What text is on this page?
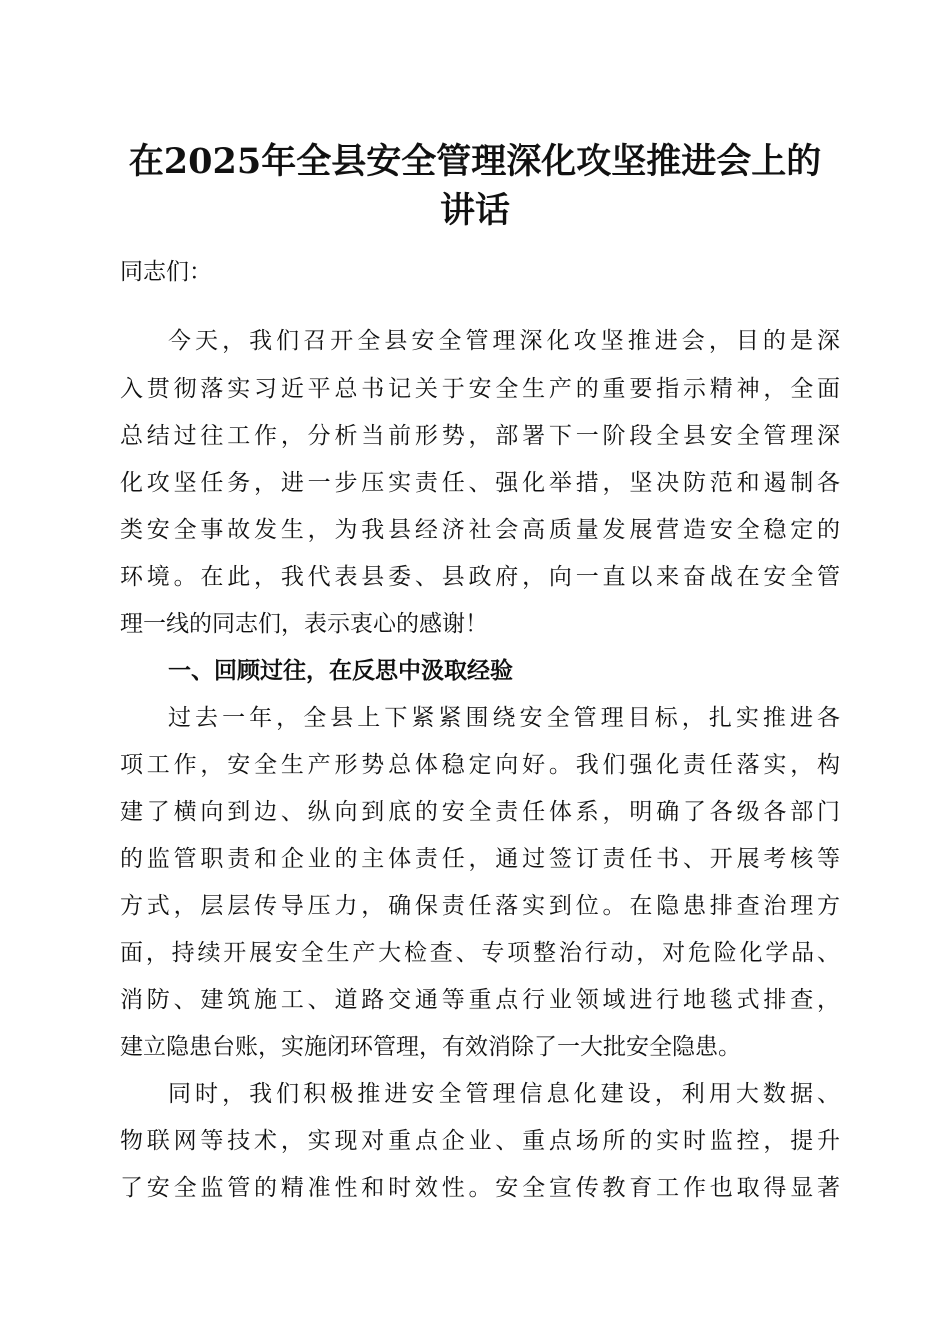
在2025年全县安全管理深化攻坚推进会上的
讲话

同志们：

今天，我们召开全县安全管理深化攻坚推进会，目的是深

入贯彻落实习近平总书记关于安全生产的重要指示精神，全面

总结过往工作，分析当前形势，部署下一阶段全县安全管理深

化攻坚任务，进一步压实责任、强化举措，坚决防范和遏制各

类安全事故发生，为我县经济社会高质量发展营造安全稳定的

环境。在此，我代表县委、县政府，向一直以来奋战在安全管

理一线的同志们，表示衷心的感谢！

一、回顾过往，在反思中汲取经验

过去一年，全县上下紧紧围绕安全管理目标，扎实推进各

项工作，安全生产形势总体稳定向好。我们强化责任落实，构

建了横向到边、纵向到底的安全责任体系，明确了各级各部门

的监管职责和企业的主体责任，通过签订责任书、开展考核等

方式，层层传导压力，确保责任落实到位。在隐患排查治理方

面，持续开展安全生产大检查、专项整治行动，对危险化学品、

消防、建筑施工、道路交通等重点行业领域进行地毯式排查，

建立隐患台账，实施闭环管理，有效消除了一大批安全隐患。

同时，我们积极推进安全管理信息化建设，利用大数据、

物联网等技术，实现对重点企业、重点场所的实时监控，提升

了安全监管的精准性和时效性。安全宣传教育工作也取得显著
